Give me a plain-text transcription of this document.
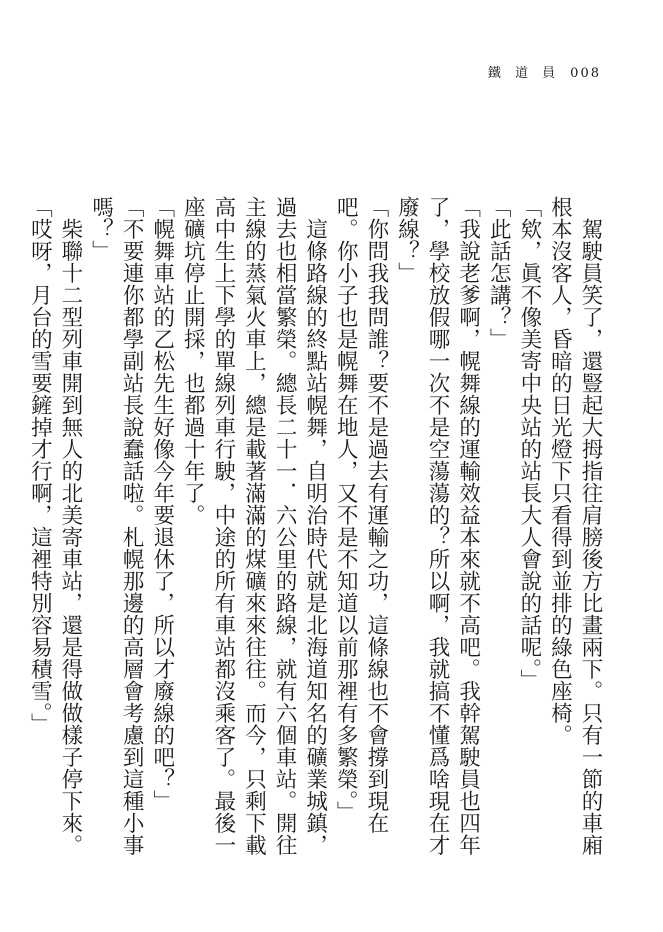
鐵 道 員 008

駕駛員笑了，還豎起大拇指往肩膀後方比畫兩下。只有一節的車廂根本沒客人，昏暗的日光燈下只看得到並排的綠色座椅。

「欸，眞不像美寄中央站的站長大人會說的話呢。」

「此話怎講？」

「我說老爹啊，幌舞線的運輸效益本來就不高吧。我幹駕駛員也四年了，學校放假哪一次不是空蕩蕩的？所以啊，我就搞不懂爲啥現在才廢線？」

「你問我我問誰？要不是過去有運輸之功，這條線也不會撐到現在吧。你小子也是幌舞在地人，又不是不知道以前那裡有多繁榮。」

這條路線的終點站幌舞，自明治時代就是北海道知名的礦業城鎮，過去也相當繁榮。總長二十一．六公里的路線，就有六個車站。開往主線的蒸氣火車上，總是載著滿滿的煤礦來來往往。而今，只剩下載高中生上下學的單線列車行駛，中途的所有車站都沒乘客了。最後一座礦坑停止開採，也都過十年了。

「幌舞車站的乙松先生好像今年要退休了，所以才廢線的吧？」

「不要連你都學副站長說蠢話啦。札幌那邊的高層會考慮到這種小事嗎？」

柴聯十二型列車開到無人的北美寄車站，還是得做做樣子停下來。

「哎呀，月台的雪要鏟掉才行啊，這裡特別容易積雪。」
